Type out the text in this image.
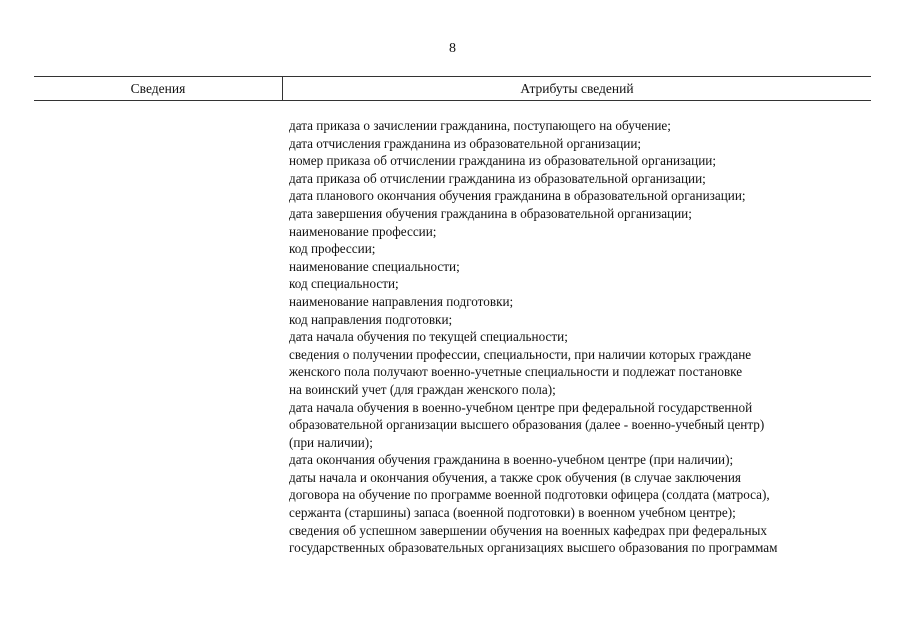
8
Сведения	Атрибуты сведений
дата приказа о зачислении гражданина, поступающего на обучение;
дата отчисления гражданина из образовательной организации;
номер приказа об отчислении гражданина из образовательной организации;
дата приказа об отчислении гражданина из образовательной организации;
дата планового окончания обучения гражданина в образовательной организации;
дата завершения обучения гражданина в образовательной организации;
наименование профессии;
код профессии;
наименование специальности;
код специальности;
наименование направления подготовки;
код направления подготовки;
дата начала обучения по текущей специальности;
сведения о получении профессии, специальности, при наличии которых граждане
женского пола получают военно-учетные специальности и подлежат постановке
на воинский учет (для граждан женского пола);
дата начала обучения в военно-учебном центре при федеральной государственной
образовательной организации высшего образования (далее - военно-учебный центр)
(при наличии);
дата окончания обучения гражданина в военно-учебном центре (при наличии);
даты начала и окончания обучения, а также срок обучения (в случае заключения
договора на обучение по программе военной подготовки офицера (солдата (матроса),
сержанта (старшины) запаса (военной подготовки) в военном учебном центре);
сведения об успешном завершении обучения на военных кафедрах при федеральных
государственных образовательных организациях высшего образования по программам
